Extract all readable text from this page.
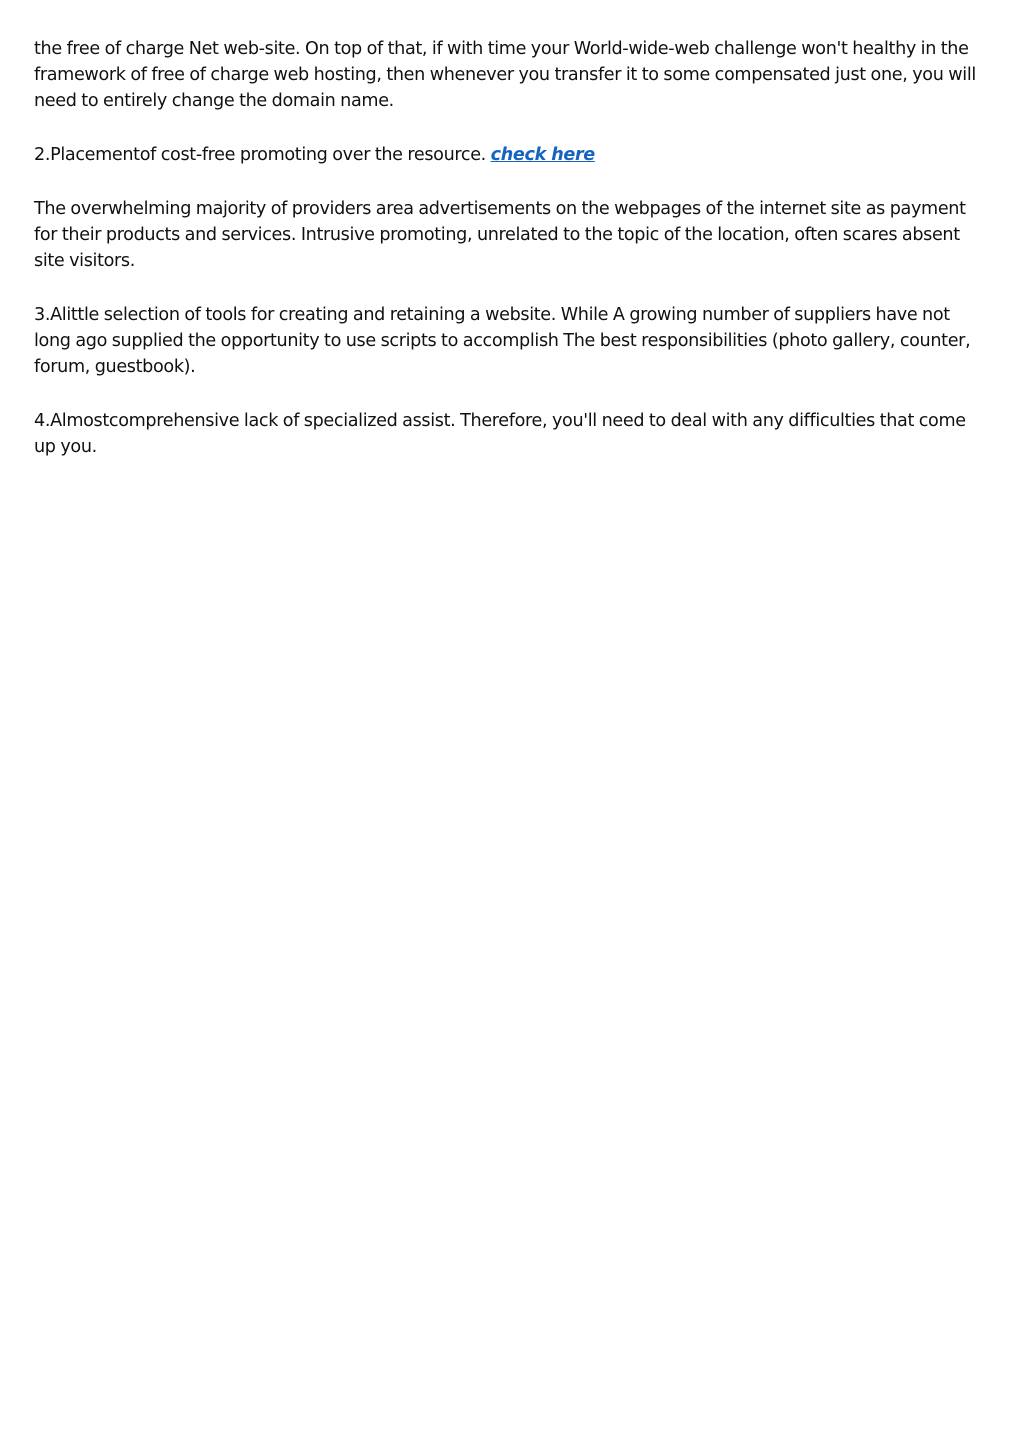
the free of charge Net web-site. On top of that, if with time your World-wide-web challenge won't healthy in the framework of free of charge web hosting, then whenever you transfer it to some compensated just one, you will need to entirely change the domain name.

2.Placementof cost-free promoting over the resource. check here

The overwhelming majority of providers area advertisements on the webpages of the internet site as payment for their products and services. Intrusive promoting, unrelated to the topic of the location, often scares absent site visitors.

3.Alittle selection of tools for creating and retaining a website. While A growing number of suppliers have not long ago supplied the opportunity to use scripts to accomplish The best responsibilities (photo gallery, counter, forum, guestbook).

4.Almostcomprehensive lack of specialized assist. Therefore, you'll need to deal with any difficulties that come up you.
